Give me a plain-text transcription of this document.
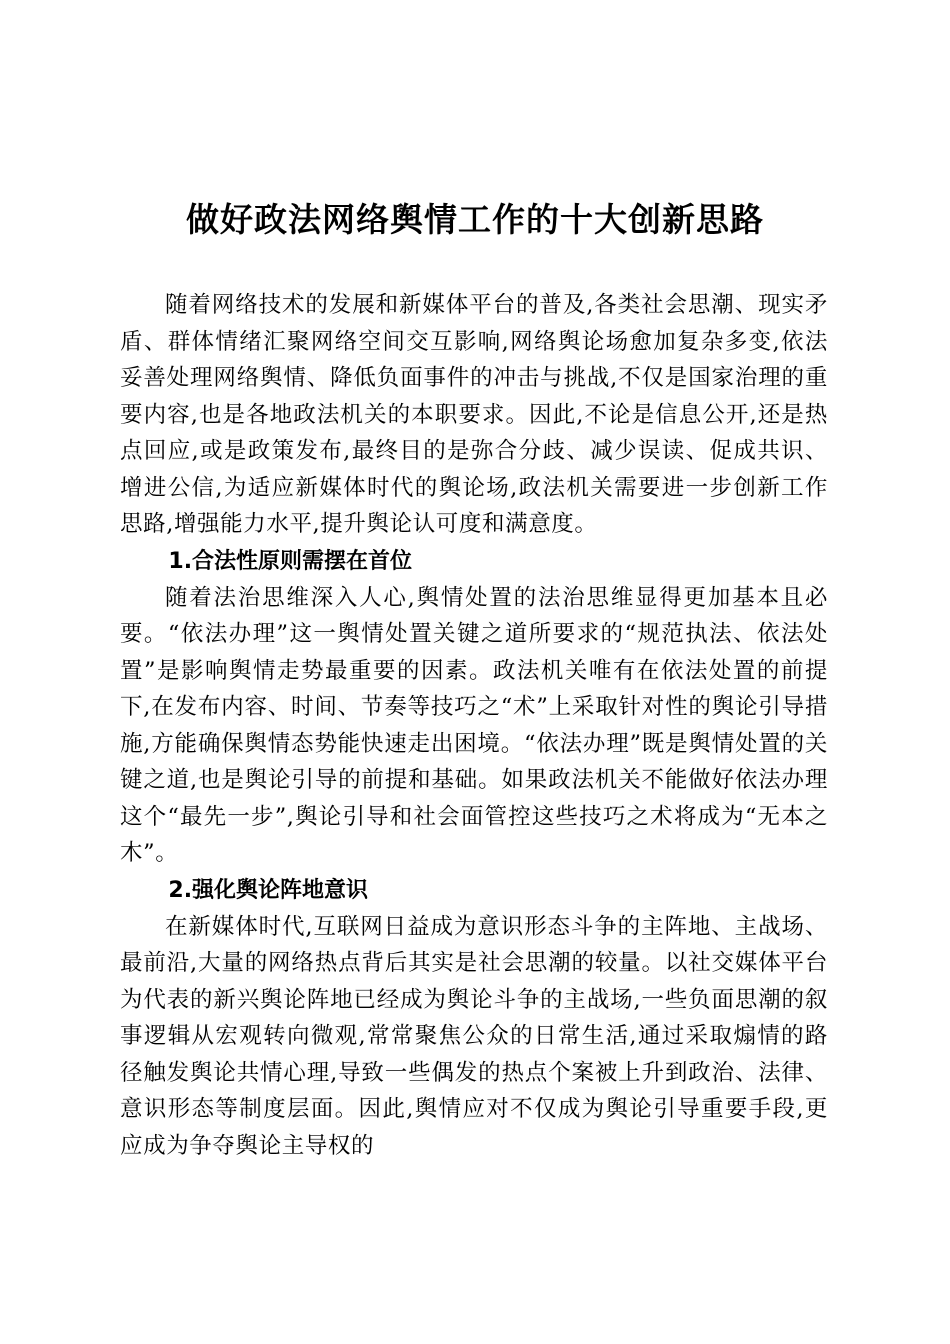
做好政法网络舆情工作的十大创新思路

随着网络技术的发展和新媒体平台的普及,各类社会思潮、现实矛盾、群体情绪汇聚网络空间交互影响,网络舆论场愈加复杂多变,依法妥善处理网络舆情、降低负面事件的冲击与挑战,不仅是国家治理的重要内容,也是各地政法机关的本职要求。因此,不论是信息公开,还是热点回应,或是政策发布,最终目的是弥合分歧、减少误读、促成共识、增进公信,为适应新媒体时代的舆论场,政法机关需要进一步创新工作思路,增强能力水平,提升舆论认可度和满意度。

1.合法性原则需摆在首位

随着法治思维深入人心,舆情处置的法治思维显得更加基本且必要。“依法办理”这一舆情处置关键之道所要求的“规范执法、依法处置”是影响舆情走势最重要的因素。政法机关唯有在依法处置的前提下,在发布内容、时间、节奏等技巧之“术”上采取针对性的舆论引导措施,方能确保舆情态势能快速走出困境。“依法办理”既是舆情处置的关键之道,也是舆论引导的前提和基础。如果政法机关不能做好依法办理这个“最先一步”,舆论引导和社会面管控这些技巧之术将成为“无本之木”。

2.强化舆论阵地意识

在新媒体时代,互联网日益成为意识形态斗争的主阵地、主战场、最前沿,大量的网络热点背后其实是社会思潮的较量。以社交媒体平台为代表的新兴舆论阵地已经成为舆论斗争的主战场,一些负面思潮的叙事逻辑从宏观转向微观,常常聚焦公众的日常生活,通过采取煽情的路径触发舆论共情心理,导致一些偶发的热点个案被上升到政治、法律、意识形态等制度层面。因此,舆情应对不仅成为舆论引导重要手段,更应成为争夺舆论主导权的
